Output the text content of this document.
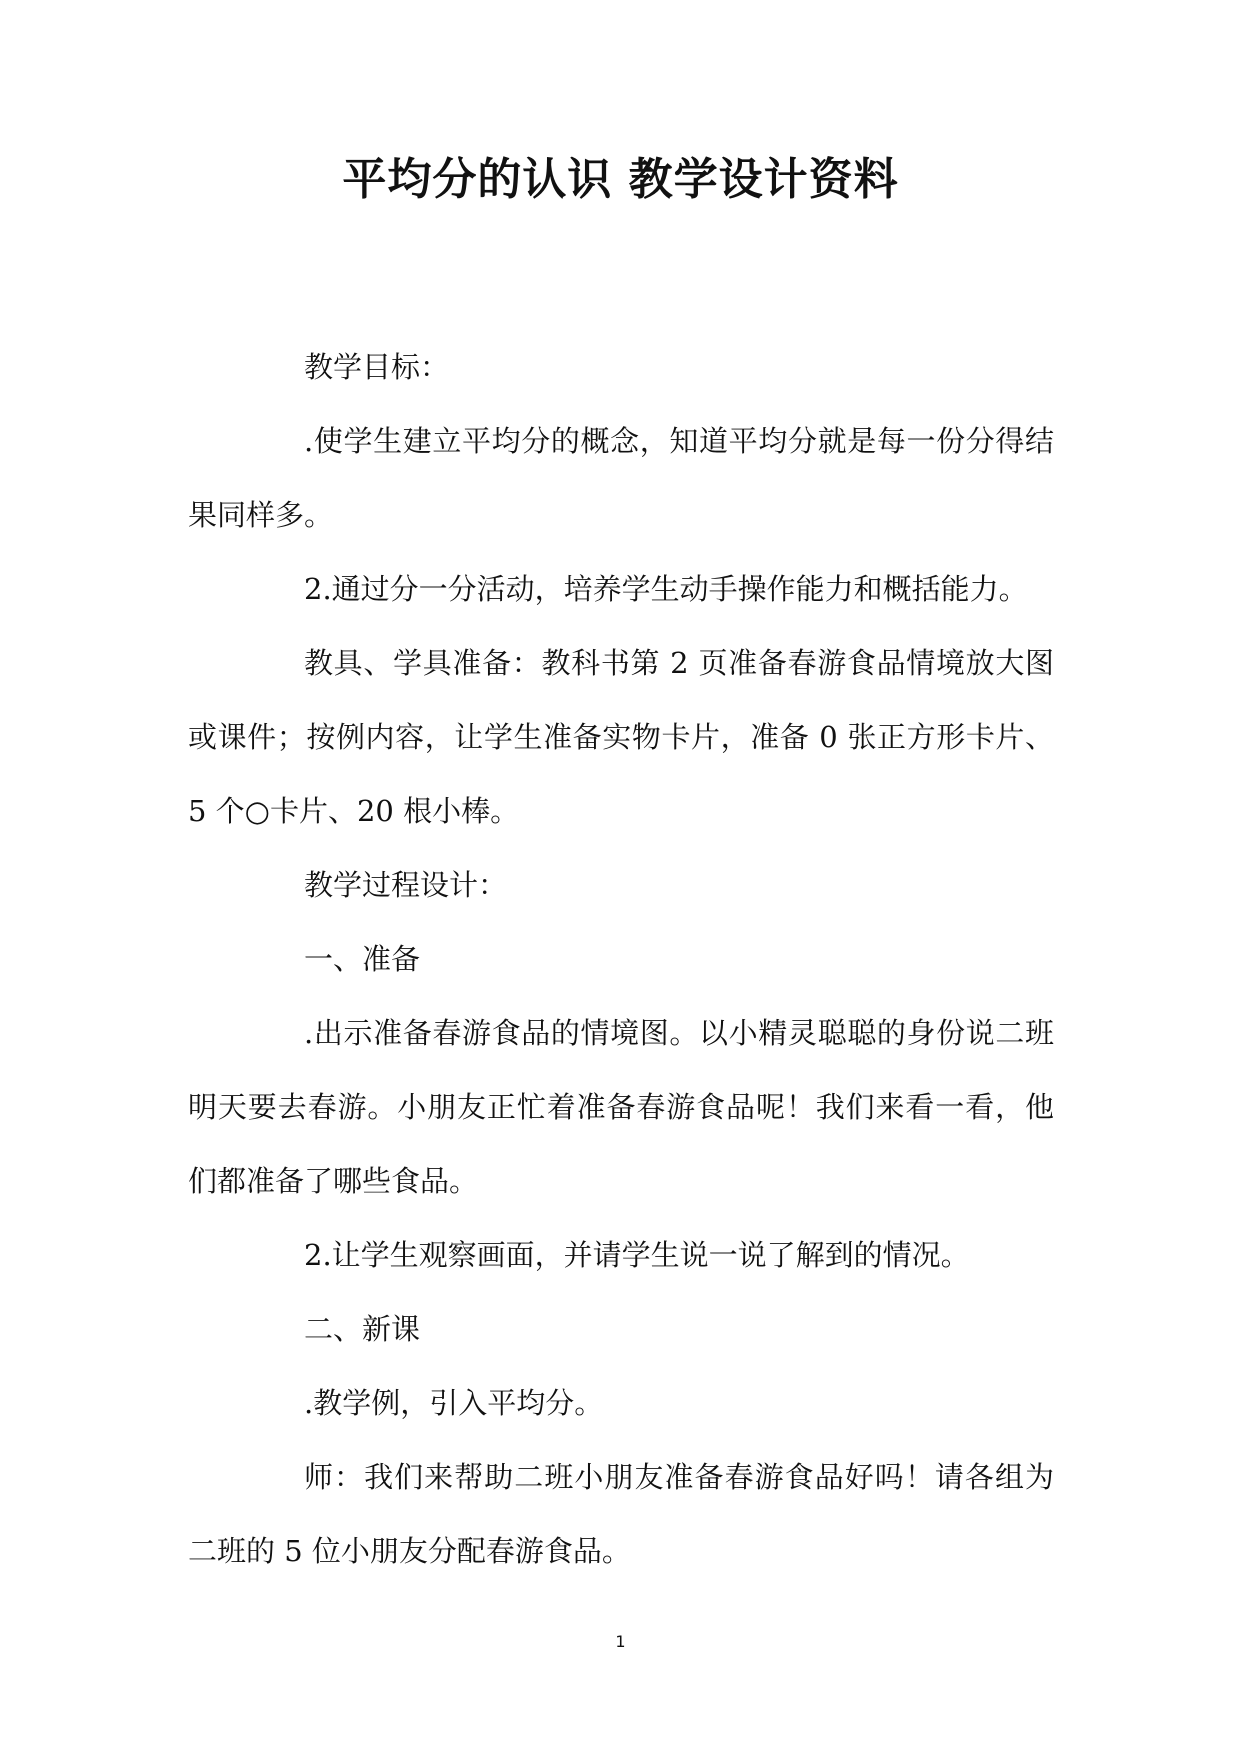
平均分的认识 教学设计资料

教学目标：

.使学生建立平均分的概念，知道平均分就是每一份分得结果同样多。

2.通过分一分活动，培养学生动手操作能力和概括能力。

教具、学具准备：教科书第 2 页准备春游食品情境放大图或课件；按例内容，让学生准备实物卡片，准备 0 张正方形卡片、5 个○卡片、20 根小棒。

教学过程设计：

一、准备

.出示准备春游食品的情境图。以小精灵聪聪的身份说二班明天要去春游。小朋友正忙着准备春游食品呢！我们来看一看，他们都准备了哪些食品。

2.让学生观察画面，并请学生说一说了解到的情况。

二、新课

.教学例，引入平均分。

师：我们来帮助二班小朋友准备春游食品好吗！请各组为二班的 5 位小朋友分配春游食品。

1
